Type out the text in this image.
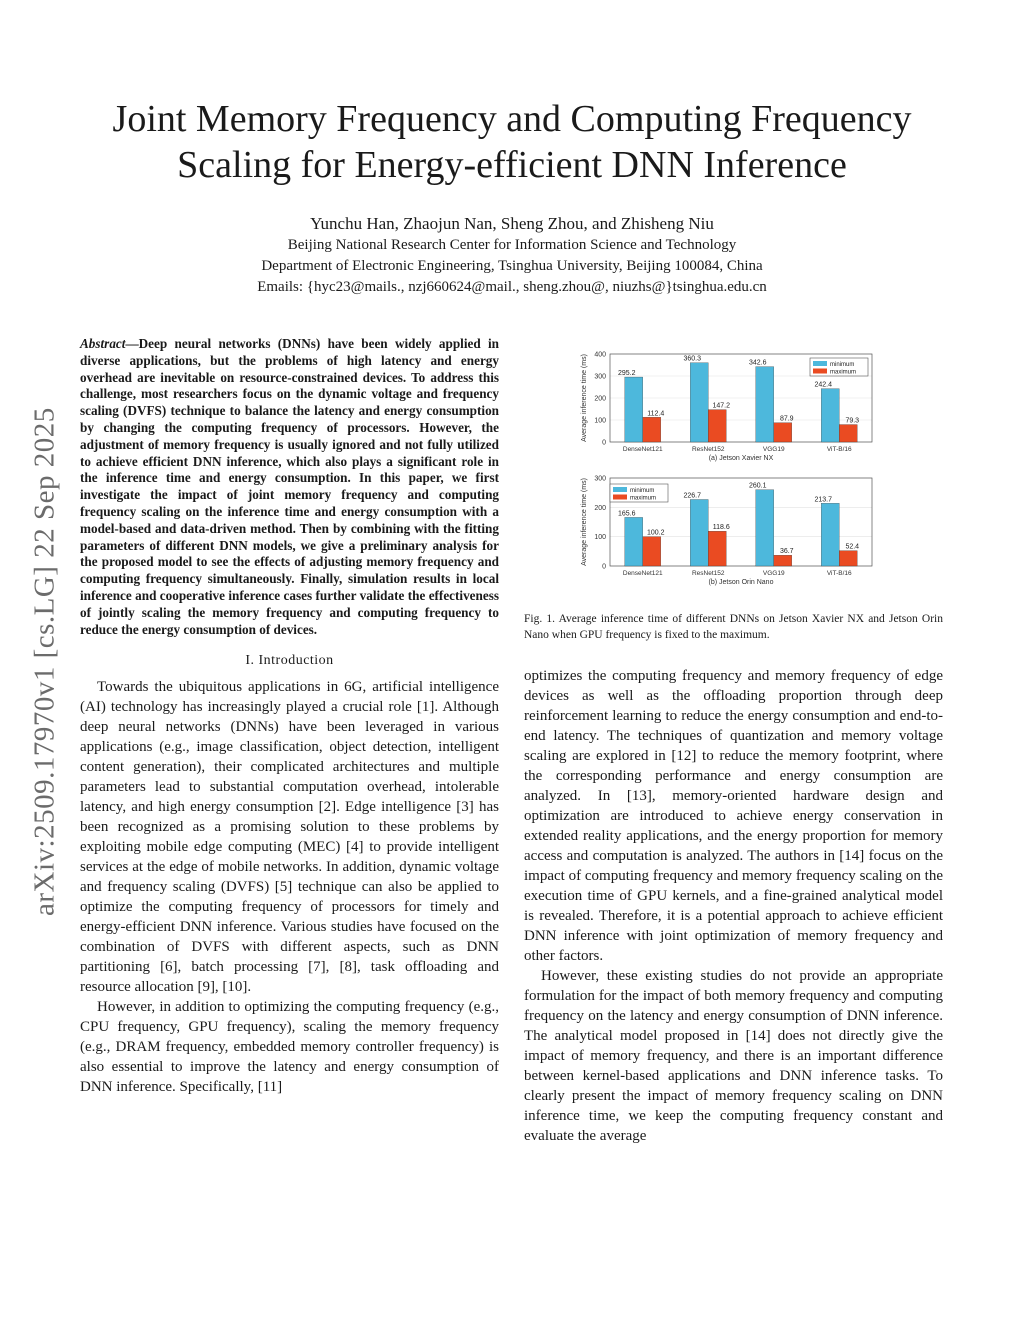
arXiv:2509.17970v1 [cs.LG] 22 Sep 2025
Joint Memory Frequency and Computing Frequency
Scaling for Energy-efficient DNN Inference
Yunchu Han, Zhaojun Nan, Sheng Zhou, and Zhisheng Niu
Beijing National Research Center for Information Science and Technology
Department of Electronic Engineering, Tsinghua University, Beijing 100084, China
Emails: {hyc23@mails., nzj660624@mail., sheng.zhou@, niuzhs@}tsinghua.edu.cn

Abstract—Deep neural networks (DNNs) have been widely applied in diverse applications, but the problems of high latency and energy overhead are inevitable on resource-constrained devices. To address this challenge, most researchers focus on the dynamic voltage and frequency scaling (DVFS) technique to balance the latency and energy consumption by changing the computing frequency of processors. However, the adjustment of memory frequency is usually ignored and not fully utilized to achieve efficient DNN inference, which also plays a significant role in the inference time and energy consumption. In this paper, we first investigate the impact of joint memory frequency and computing frequency scaling on the inference time and energy consumption with a model-based and data-driven method. Then by combining with the fitting parameters of different DNN models, we give a preliminary analysis for the proposed model to see the effects of adjusting memory frequency and computing frequency simultaneously. Finally, simulation results in local inference and cooperative inference cases further validate the effectiveness of jointly scaling the memory frequency and computing frequency to reduce the energy consumption of devices.

I. Introduction

Towards the ubiquitous applications in 6G, artificial intelligence (AI) technology has increasingly played a crucial role [1]. Although deep neural networks (DNNs) have been leveraged in various applications (e.g., image classification, object detection, intelligent content generation), their complicated architectures and multiple parameters lead to substantial computation overhead, intolerable latency, and high energy consumption [2]. Edge intelligence [3] has been recognized as a promising solution to these problems by exploiting mobile edge computing (MEC) [4] to provide intelligent services at the edge of mobile networks. In addition, dynamic voltage and frequency scaling (DVFS) [5] technique can also be applied to optimize the computing frequency of processors for timely and energy-efficient DNN inference. Various studies have focused on the combination of DVFS with different aspects, such as DNN partitioning [6], batch processing [7], [8], task offloading and resource allocation [9], [10].

However, in addition to optimizing the computing frequency (e.g., CPU frequency, GPU frequency), scaling the memory frequency (e.g., DRAM frequency, embedded memory controller frequency) is also essential to improve the latency and energy consumption of DNN inference. Specifically, [11]

Average inference time (ms)
0
100
200
300
400
295.2
112.4
DenseNet121
360.3
147.2
ResNet152
342.6
87.9
VGG19
242.4
79.3
ViT-B/16
(a) Jetson Xavier NX
minimum
maximum
Average inference time (ms)
0
100
200
300
165.6
100.2
DenseNet121
226.7
118.6
ResNet152
260.1
36.7
VGG19
213.7
52.4
ViT-B/16
(b) Jetson Orin Nano
minimum
maximum
Fig. 1. Average inference time of different DNNs on Jetson Xavier NX and Jetson Orin Nano when GPU frequency is fixed to the maximum.

optimizes the computing frequency and memory frequency of edge devices as well as the offloading proportion through deep reinforcement learning to reduce the energy consumption and end-to-end latency. The techniques of quantization and memory voltage scaling are explored in [12] to reduce the memory footprint, where the corresponding performance and energy consumption are analyzed. In [13], memory-oriented hardware design and optimization are introduced to achieve energy conservation in extended reality applications, and the energy proportion for memory access and computation is analyzed. The authors in [14] focus on the impact of computing frequency and memory frequency scaling on the execution time of GPU kernels, and a fine-grained analytical model is revealed. Therefore, it is a potential approach to achieve efficient DNN inference with joint optimization of memory frequency and other factors.

However, these existing studies do not provide an appropriate formulation for the impact of both memory frequency and computing frequency on the latency and energy consumption of DNN inference. The analytical model proposed in [14] does not directly give the impact of memory frequency, and there is an important difference between kernel-based applications and DNN inference tasks. To clearly present the impact of memory frequency scaling on DNN inference time, we keep the computing frequency constant and evaluate the average
